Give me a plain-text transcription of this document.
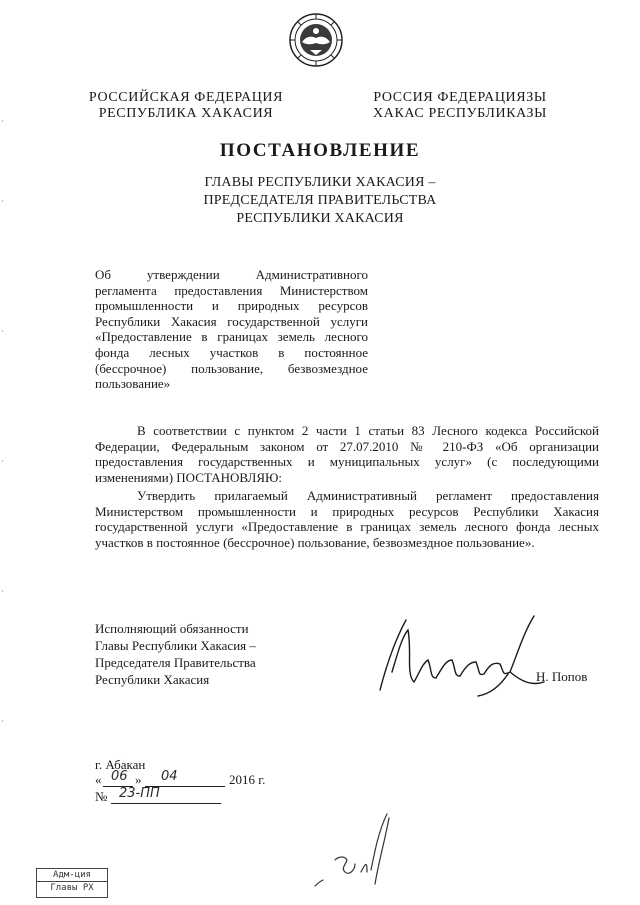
РОССИЙСКАЯ ФЕДЕРАЦИЯ
РЕСПУБЛИКА ХАКАСИЯ
РОССИЯ ФЕДЕРАЦИЯЗЫ
ХАКАС РЕСПУБЛИКАЗЫ
ПОСТАНОВЛЕНИЕ
ГЛАВЫ РЕСПУБЛИКИ ХАКАСИЯ –
ПРЕДСЕДАТЕЛЯ ПРАВИТЕЛЬСТВА
РЕСПУБЛИКИ ХАКАСИЯ
Об утверждении Административного
регламента предоставления Министерством
промышленности и природных ресурсов
Республики Хакасия государственной услуги
«Предоставление в границах земель лесного
фонда лесных участков в постоянное
(бессрочное) пользование, безвозмездное
пользование»
В соответствии с пунктом 2 части 1 статьи 83 Лесного кодекса Российской
Федерации, Федеральным законом от 27.07.2010 № 210-ФЗ «Об организации
предоставления государственных и муниципальных услуг» (с последующими
изменениями) ПОСТАНОВЛЯЮ:
Утвердить прилагаемый Административный регламент предоставления
Министерством промышленности и природных ресурсов Республики Хакасия
государственной услуги «Предоставление в границах земель лесного фонда лесных
участков в постоянное (бессрочное) пользование, безвозмездное пользование».
Исполняющий обязанности
Главы Республики Хакасия –
Председателя Правительства
Республики Хакасия	Н. Попов
г. Абакан
« 06 » 04	2016 г.
№ 23-ПП
Адм-ция
Главы РХ
